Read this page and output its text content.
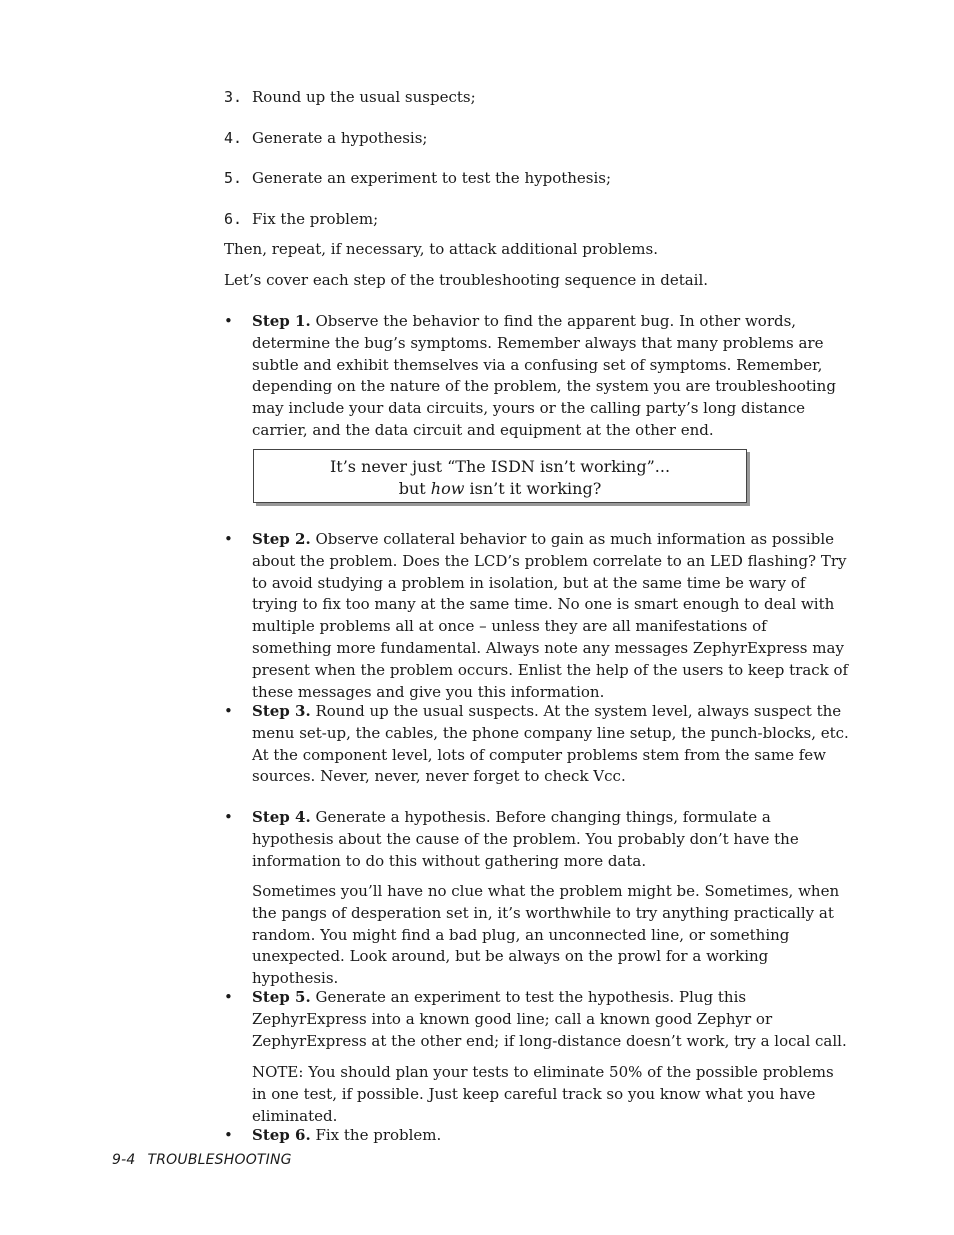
3. Round up the usual suspects;
4. Generate a hypothesis;
5. Generate an experiment to test the hypothesis;
6. Fix the problem;
Then, repeat, if necessary, to attack additional problems.
Let’s cover each step of the troubleshooting sequence in detail.
•	Step 1. Observe the behavior to find the apparent bug. In other words, determine the bug’s symptoms. Remember always that many problems are subtle and exhibit themselves via a confusing set of symptoms. Remember, depending on the nature of the problem, the system you are troubleshooting may include your data circuits, yours or the calling party’s long distance carrier, and the data circuit and equipment at the other end.
It’s never just “The ISDN isn’t working”...
but how isn’t it working?
•	Step 2. Observe collateral behavior to gain as much information as possible about the problem. Does the LCD’s problem correlate to an LED flashing? Try to avoid studying a problem in isolation, but at the same time be wary of trying to fix too many at the same time. No one is smart enough to deal with multiple problems all at once – unless they are all manifestations of something more fundamental. Always note any messages ZephyrExpress may present when the problem occurs. Enlist the help of the users to keep track of these messages and give you this information.
•	Step 3. Round up the usual suspects. At the system level, always suspect the menu set-up, the cables, the phone company line setup, the punch-blocks, etc. At the component level, lots of computer problems stem from the same few sources. Never, never, never forget to check Vcc.
•	Step 4. Generate a hypothesis. Before changing things, formulate a hypothesis about the cause of the problem. You probably don’t have the information to do this without gathering more data.
Sometimes you’ll have no clue what the problem might be. Sometimes, when the pangs of desperation set in, it’s worthwhile to try anything practically at random. You might find a bad plug, an unconnected line, or something unexpected. Look around, but be always on the prowl for a working hypothesis.
•	Step 5. Generate an experiment to test the hypothesis. Plug this ZephyrExpress into a known good line; call a known good Zephyr or ZephyrExpress at the other end; if long-distance doesn’t work, try a local call.
NOTE: You should plan your tests to eliminate 50% of the possible problems in one test, if possible. Just keep careful track so you know what you have eliminated.
•	Step 6. Fix the problem.
9-4 TROUBLESHOOTING
